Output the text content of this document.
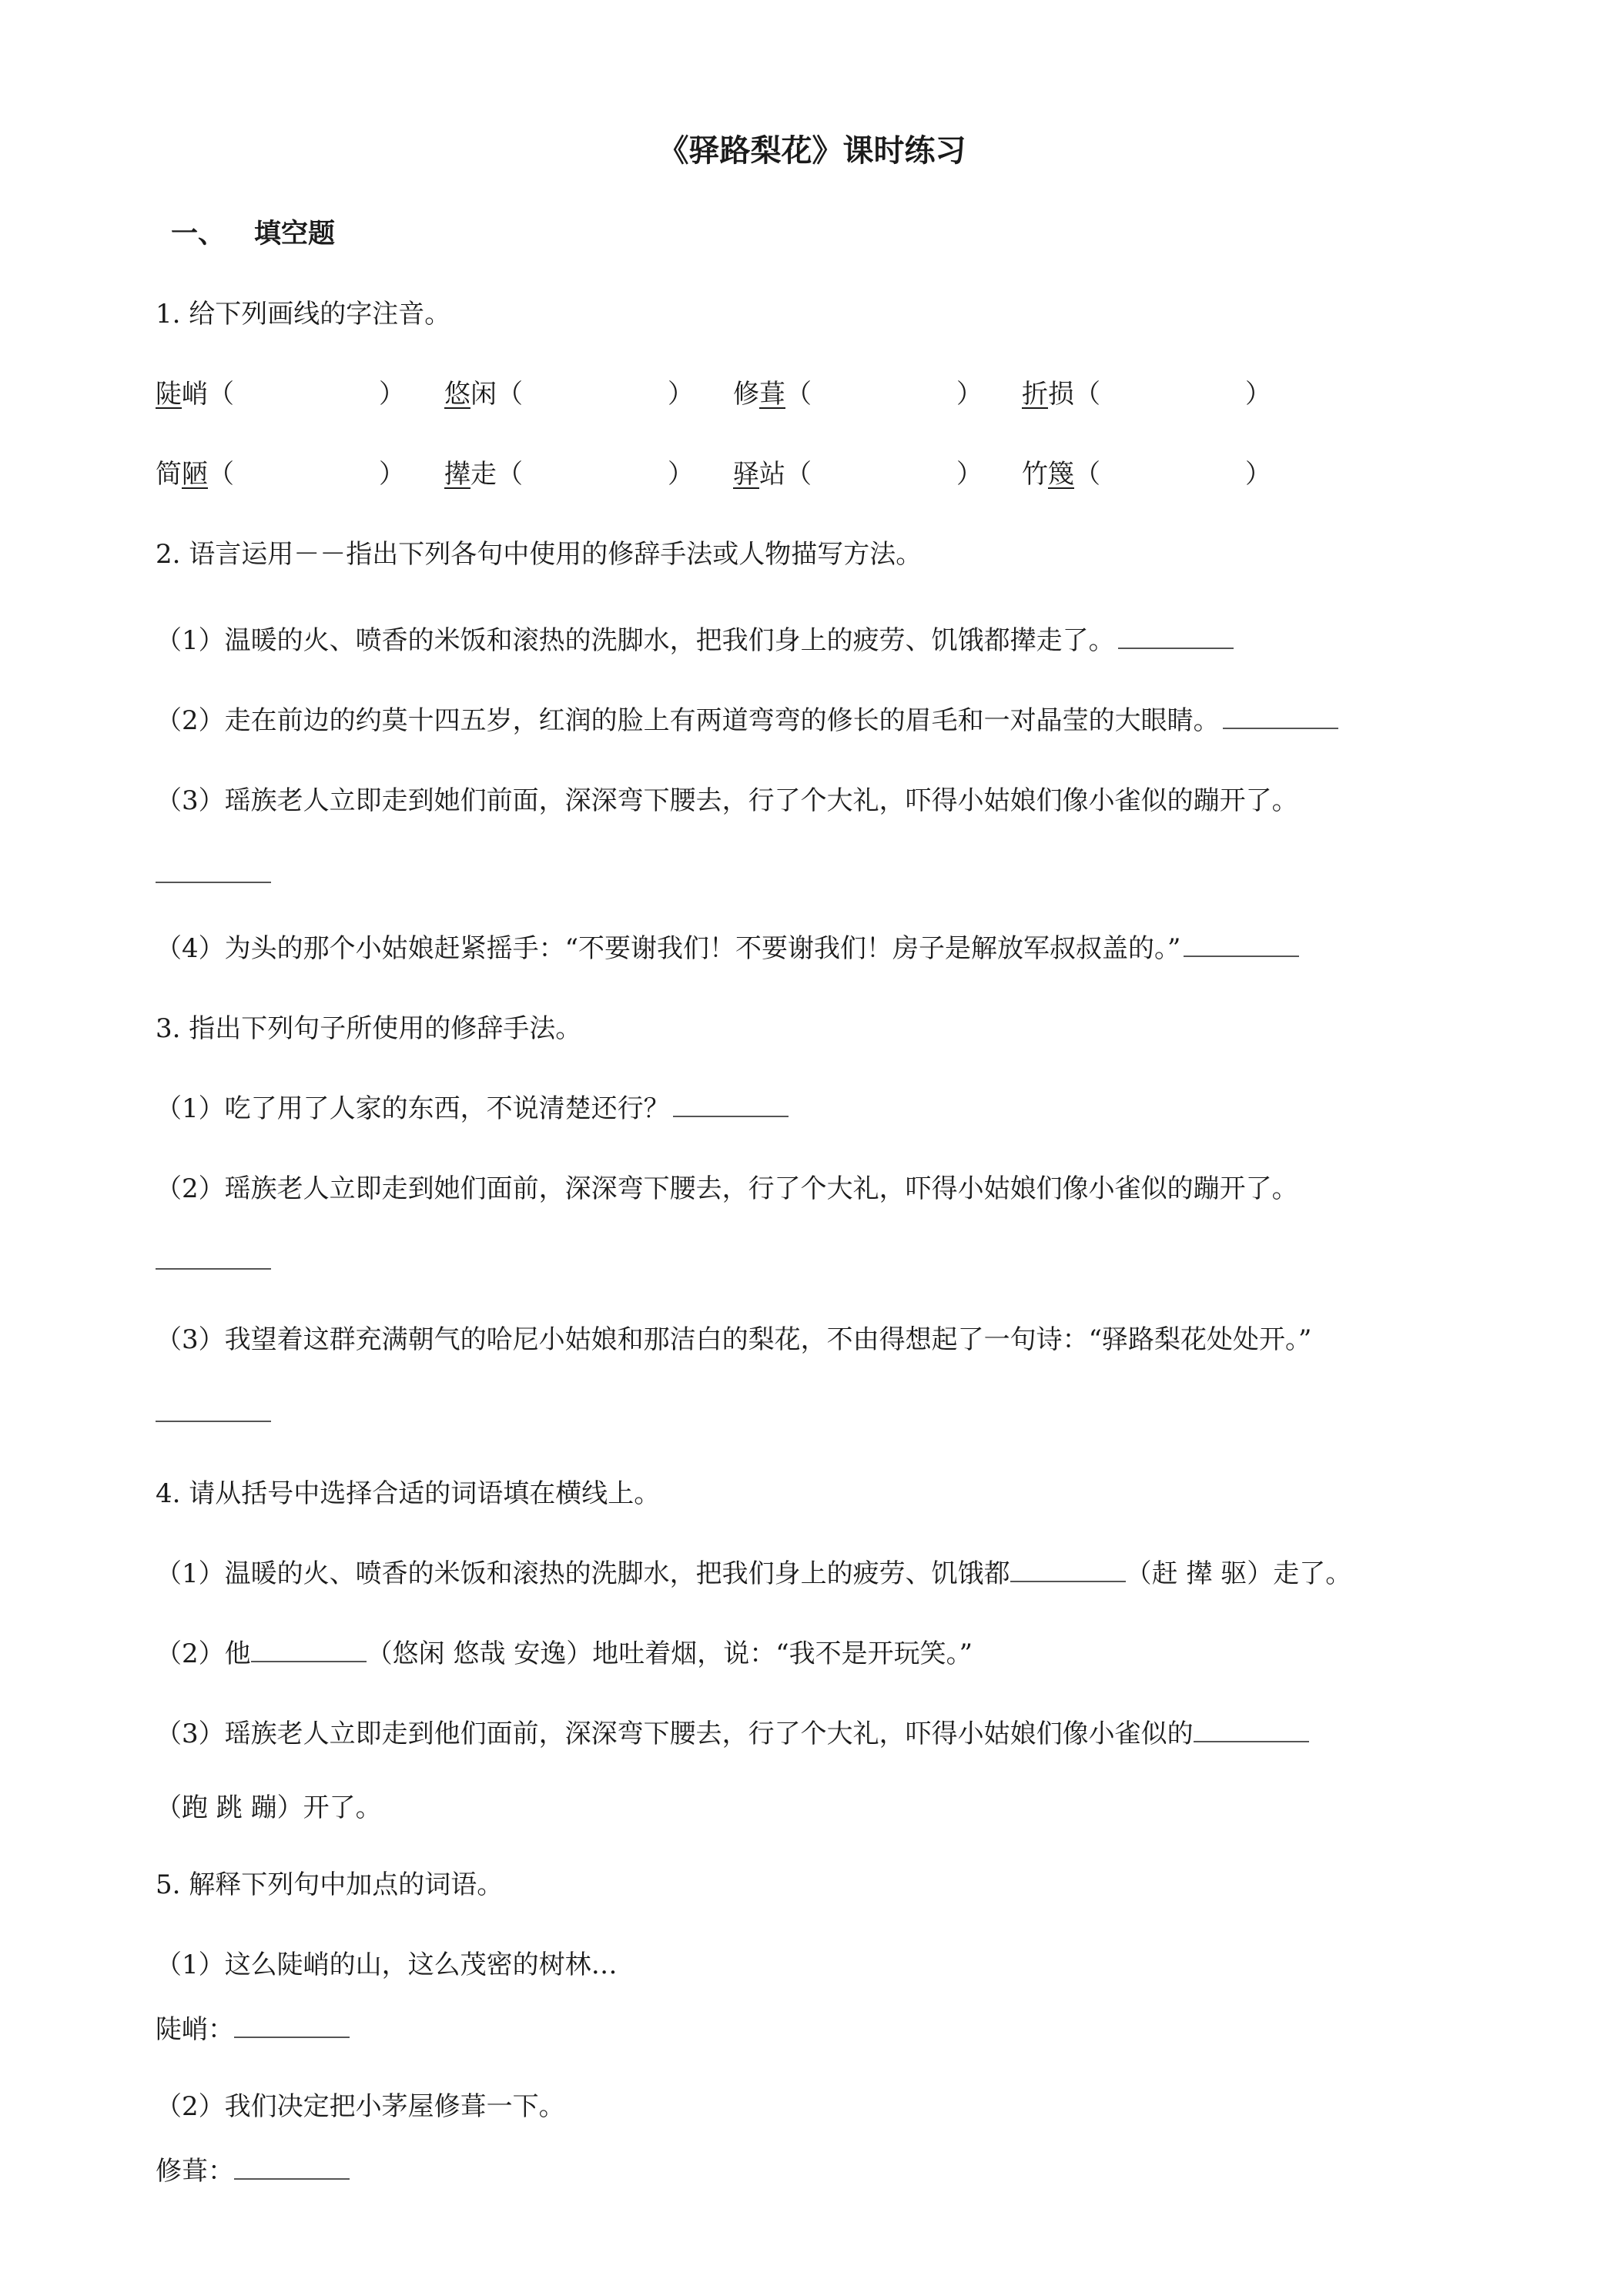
《驿路梨花》课时练习
一、 填空题
1. 给下列画线的字注音。
陡峭（	） 悠闲（	） 修葺（	） 折损（	）
简陋（	） 撵走（	） 驿站（	） 竹篾（	）
2. 语言运用－－指出下列各句中使用的修辞手法或人物描写方法。
（1）温暖的火、喷香的米饭和滚热的洗脚水，把我们身上的疲劳、饥饿都撵走了。
（2）走在前边的约莫十四五岁，红润的脸上有两道弯弯的修长的眉毛和一对晶莹的大眼睛。
（3）瑶族老人立即走到她们前面，深深弯下腰去，行了个大礼，吓得小姑娘们像小雀似的蹦开了。
（4）为头的那个小姑娘赶紧摇手：“不要谢我们！不要谢我们！房子是解放军叔叔盖的。”
3. 指出下列句子所使用的修辞手法。
（1）吃了用了人家的东西，不说清楚还行？
（2）瑶族老人立即走到她们面前，深深弯下腰去，行了个大礼，吓得小姑娘们像小雀似的蹦开了。
（3）我望着这群充满朝气的哈尼小姑娘和那洁白的梨花，不由得想起了一句诗：“驿路梨花处处开。”
4. 请从括号中选择合适的词语填在横线上。
（1）温暖的火、喷香的米饭和滚热的洗脚水，把我们身上的疲劳、饥饿都	（赶 撵 驱）走了。
（2）他	（悠闲 悠哉 安逸）地吐着烟，说：“我不是开玩笑。”
（3）瑶族老人立即走到他们面前，深深弯下腰去，行了个大礼，吓得小姑娘们像小雀似的
（跑 跳 蹦）开了。
5. 解释下列句中加点的词语。
（1）这么陡峭的山，这么茂密的树林…
陡峭：
（2）我们决定把小茅屋修葺一下。
修葺：
